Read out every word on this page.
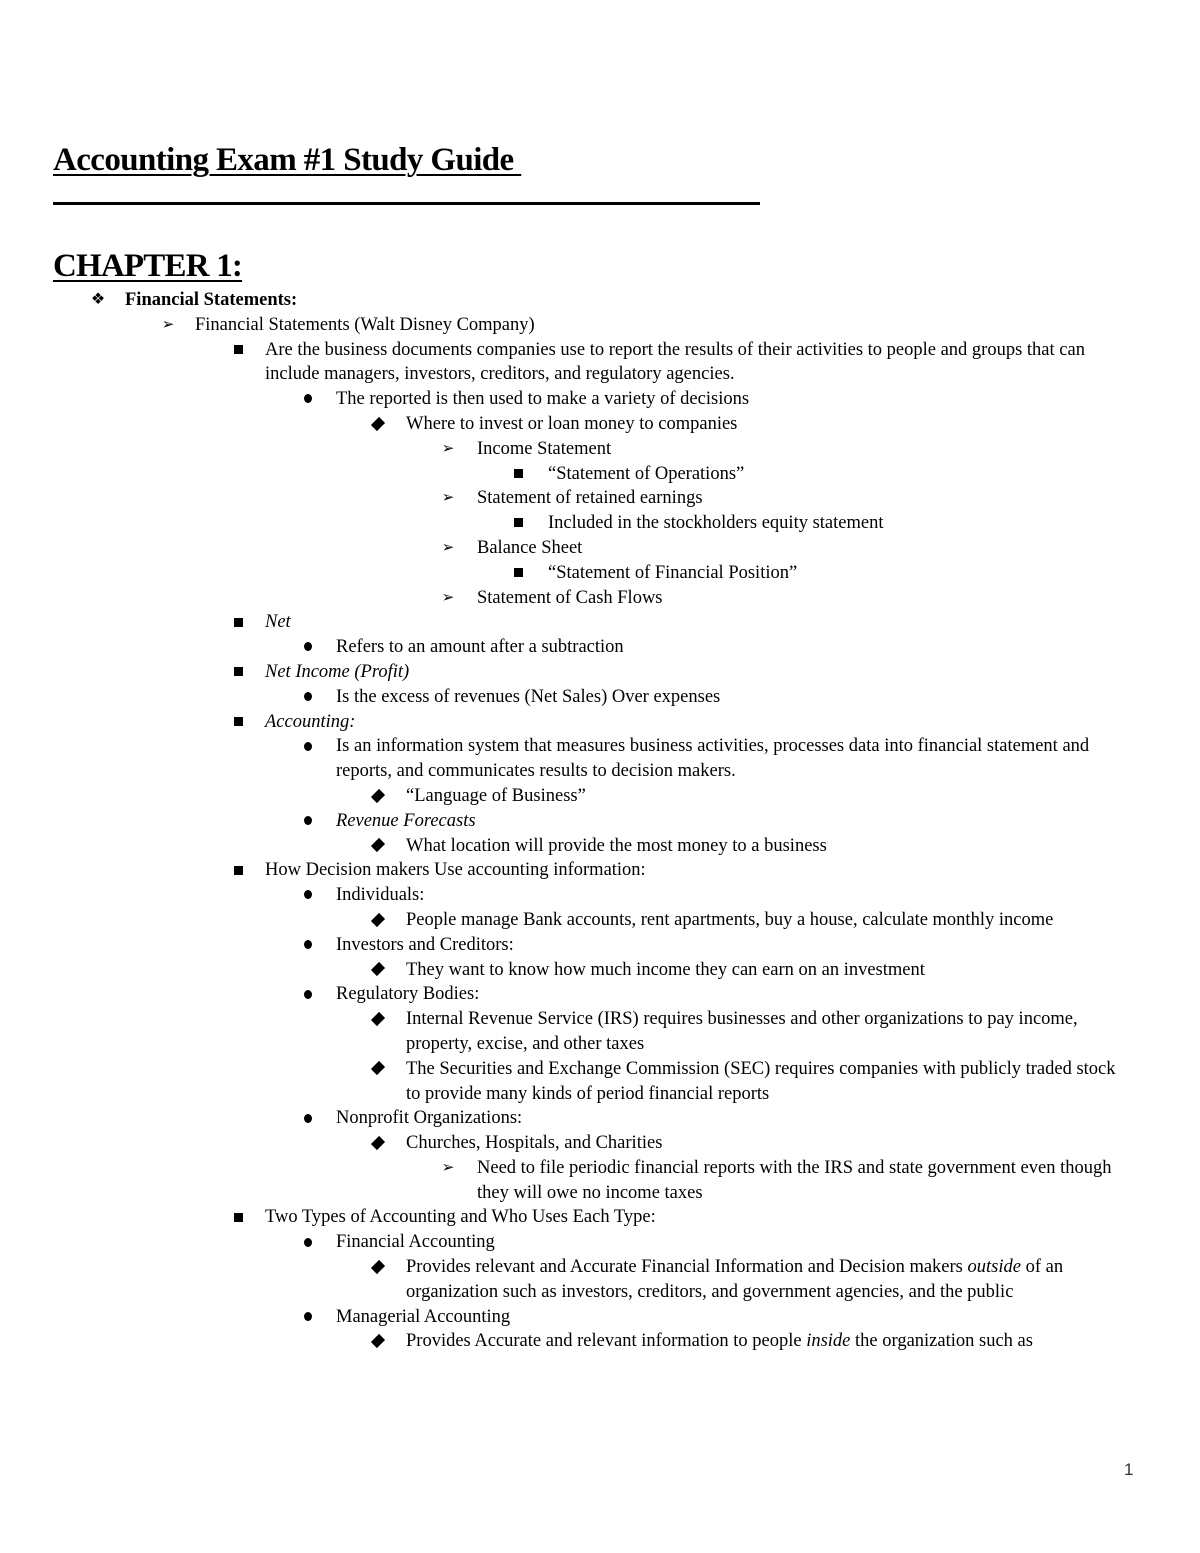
Accounting Exam #1 Study Guide
CHAPTER 1:
❖ Financial Statements:
➢ Financial Statements (Walt Disney Company)
Are the business documents companies use to report the results of their activities to people and groups that can include managers, investors, creditors, and regulatory agencies.
The reported is then used to make a variety of decisions
Where to invest or loan money to companies
➢ Income Statement
“Statement of Operations”
➢ Statement of retained earnings
Included in the stockholders equity statement
➢ Balance Sheet
“Statement of Financial Position”
➢ Statement of Cash Flows
Net
Refers to an amount after a subtraction
Net Income (Profit)
Is the excess of revenues (Net Sales) Over expenses
Accounting:
Is an information system that measures business activities, processes data into financial statement and reports, and communicates results to decision makers.
“Language of Business”
Revenue Forecasts
What location will provide the most money to a business
How Decision makers Use accounting information:
Individuals:
People manage Bank accounts, rent apartments, buy a house, calculate monthly income
Investors and Creditors:
They want to know how much income they can earn on an investment
Regulatory Bodies:
Internal Revenue Service (IRS) requires businesses and other organizations to pay income, property, excise, and other taxes
The Securities and Exchange Commission (SEC) requires companies with publicly traded stock to provide many kinds of period financial reports
Nonprofit Organizations:
Churches, Hospitals, and Charities
➢ Need to file periodic financial reports with the IRS and state government even though they will owe no income taxes
Two Types of Accounting and Who Uses Each Type:
Financial Accounting
Provides relevant and Accurate Financial Information and Decision makers outside of an organization such as investors, creditors, and government agencies, and the public
Managerial Accounting
Provides Accurate and relevant information to people inside the organization such as
1
